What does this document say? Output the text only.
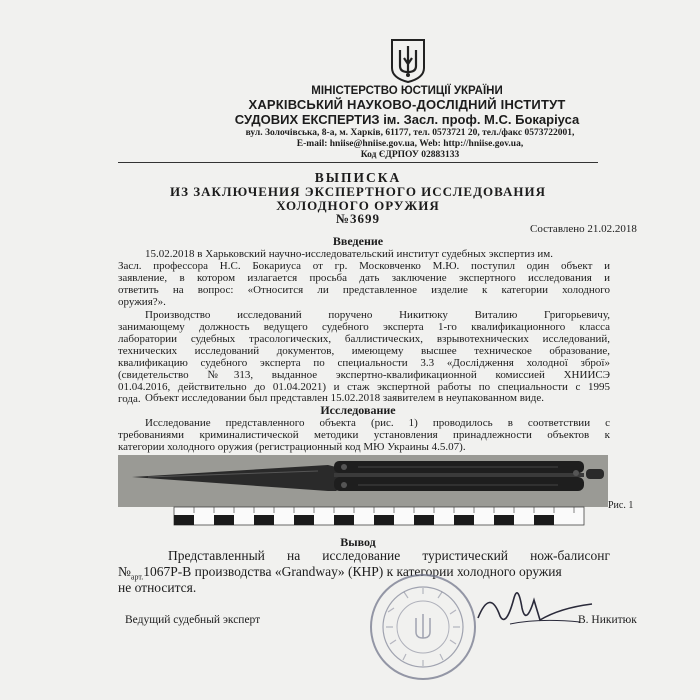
МІНІСТЕРСТВО ЮСТИЦІЇ УКРАЇНИ
ХАРКІВСЬКИЙ НАУКОВО-ДОСЛІДНИЙ ІНСТИТУТ
СУДОВИХ ЕКСПЕРТИЗ ім. Засл. проф. М.С. Бокаріуса
вул. Золочівська, 8-а, м. Харків, 61177, тел. 0573721 20, тел./факс 0573722001,
E-mail: hniise@hniise.gov.ua, Web: http://hniise.gov.ua,
Код ЄДРПОУ 02883133
ВЫПИСКА
ИЗ ЗАКЛЮЧЕНИЯ ЭКСПЕРТНОГО ИССЛЕДОВАНИЯ
ХОЛОДНОГО ОРУЖИЯ
№3699
Составлено 21.02.2018
Введение
15.02.2018 в Харьковский научно-исследовательский институт судебных экспертиз им.
Засл. профессора Н.С. Бокариуса от гр. Московченко М.Ю. поступил один объект и
заявление, в котором излагается просьба дать заключение экспертного исследования и
ответить на вопрос: «Относится ли представленное изделие к категории холодного
оружия?».
Производство исследований поручено Никитюку Виталию Григорьевичу,
занимающему должность ведущего судебного эксперта 1-го квалификационного класса
лаборатории судебных трасологических, баллистических, взрывотехнических исследований,
технических исследований документов, имеющему высшее техническое образование,
квалификацию судебного эксперта по специальности 3.3 «Дослідження холодної зброї»
(свидетельство №313, выданное экспертно-квалификационной комиссией ХНИИСЭ
01.04.2016, действительно до 01.04.2021) и стаж экспертной работы по специальности с 1995
года.
Исследование
Объект исследовании был представлен 15.02.2018 заявителем в неупакованном виде.
Исследование представленного объекта (рис. 1) проводилось в соответствии с
требованиями криминалистической методики установления принадлежности объектов к
категории холодного оружия (регистрационный код МЮ Украины 4.5.07).
Рис. 1
Вывод
Представленный на исследование туристический нож-балисонг
$№_{арт.}1067P-B$ производства «Grandway» (КНР) к категории холодного оружия
не относится.
Ведущий судебный эксперт	В. Никитюк
